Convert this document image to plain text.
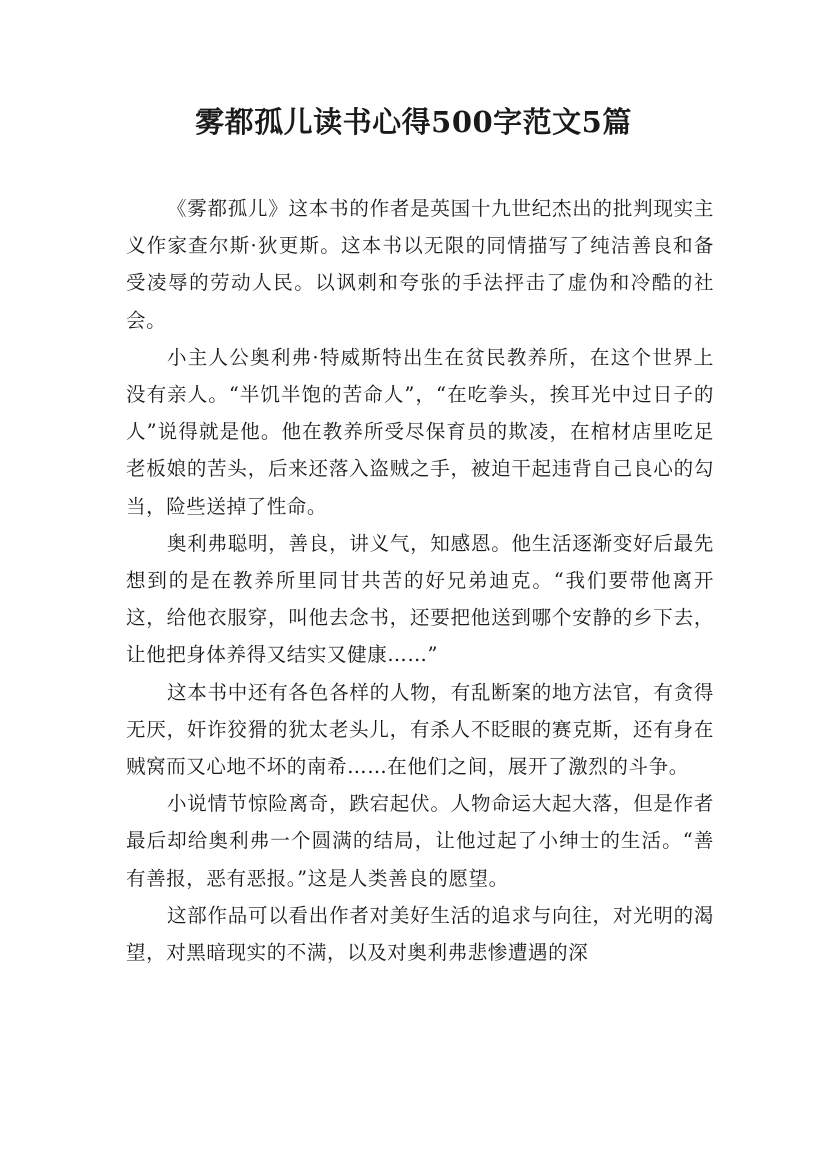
雾都孤儿读书心得500字范文5篇

《雾都孤儿》这本书的作者是英国十九世纪杰出的批判现实主义作家查尔斯·狄更斯。这本书以无限的同情描写了纯洁善良和备受凌辱的劳动人民。以讽刺和夸张的手法抨击了虚伪和冷酷的社会。

小主人公奥利弗·特威斯特出生在贫民教养所，在这个世界上没有亲人。“半饥半饱的苦命人”，“在吃拳头，挨耳光中过日子的人”说得就是他。他在教养所受尽保育员的欺凌，在棺材店里吃足老板娘的苦头，后来还落入盗贼之手，被迫干起违背自己良心的勾当，险些送掉了性命。

奥利弗聪明，善良，讲义气，知感恩。他生活逐渐变好后最先想到的是在教养所里同甘共苦的好兄弟迪克。“我们要带他离开这，给他衣服穿，叫他去念书，还要把他送到哪个安静的乡下去，让他把身体养得又结实又健康……”

这本书中还有各色各样的人物，有乱断案的地方法官，有贪得无厌，奸诈狡猾的犹太老头儿，有杀人不眨眼的赛克斯，还有身在贼窝而又心地不坏的南希……在他们之间，展开了激烈的斗争。

小说情节惊险离奇，跌宕起伏。人物命运大起大落，但是作者最后却给奥利弗一个圆满的结局，让他过起了小绅士的生活。“善有善报，恶有恶报。”这是人类善良的愿望。

这部作品可以看出作者对美好生活的追求与向往，对光明的渴望，对黑暗现实的不满，以及对奥利弗悲惨遭遇的深
